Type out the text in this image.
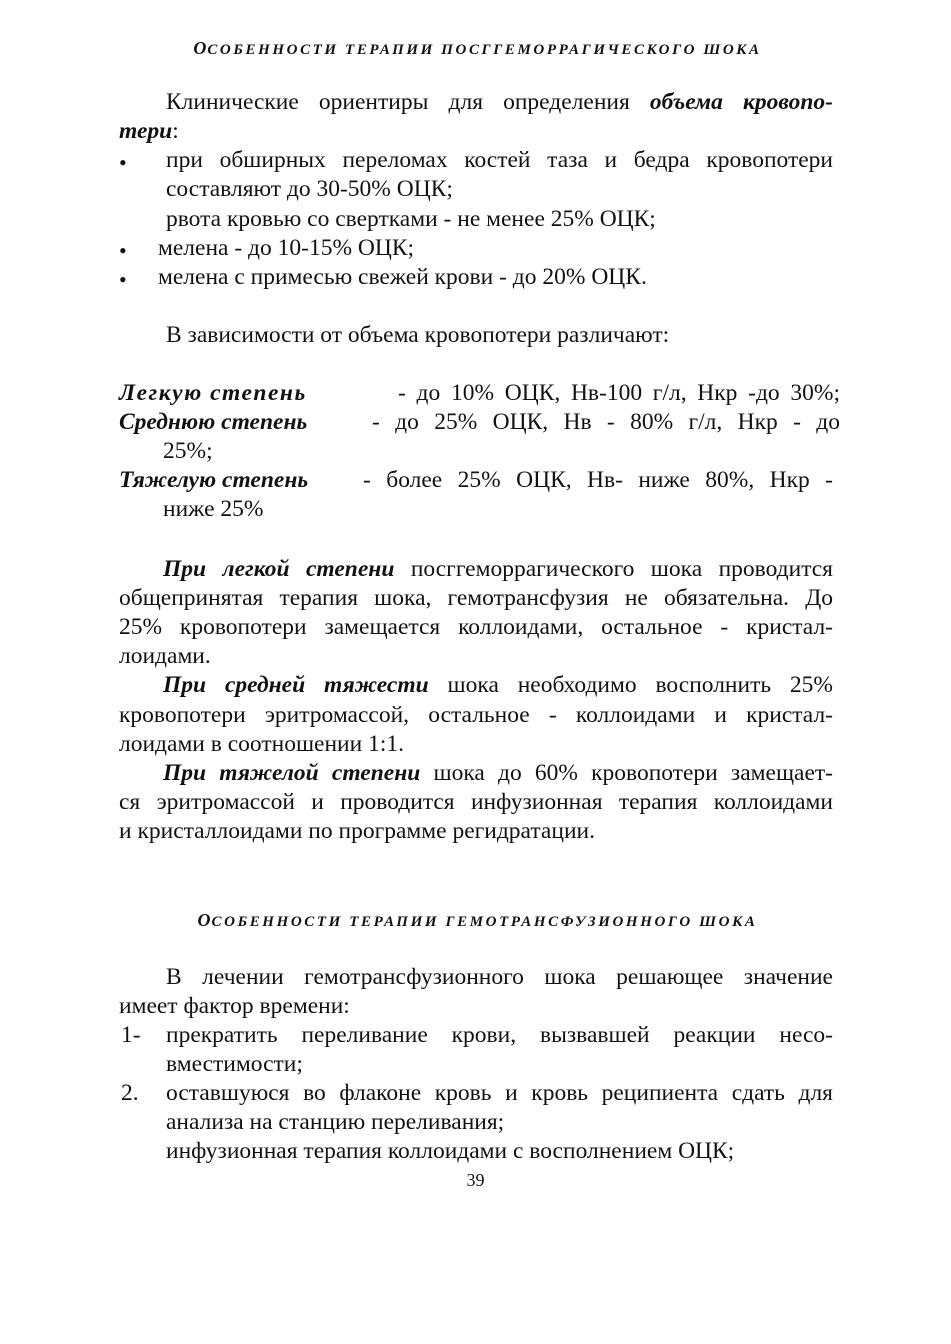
ОСОБЕННОСТИ ТЕРАПИИ ПОСГГЕМОРРАГИЧЕСКОГО ШОКА
Клинические ориентиры для определения объема кровопо-
тери:
• при обширных переломах костей таза и бедра кровопотери
составляют до 30-50% ОЦК;
рвота кровью со свертками - не менее 25% ОЦК;
• мелена - до 10-15% ОЦК;
• мелена с примесью свежей крови - до 20% ОЦК.
В зависимости от объема кровопотери различают:
Легкую степень	- до 10% ОЦК, Нв-100 г/л, Нкр -до 30%;
Среднюю степень	- до 25% ОЦК, Нв - 80% г/л, Нкр - до
25%;
Тяжелую степень - более 25% ОЦК, Нв- ниже 80%, Нкр -
ниже 25%
При легкой степени посггеморрагического шока проводится
общепринятая терапия шока, гемотрансфузия не обязательна. До
25% кровопотери замещается коллоидами, остальное - кристал-
лоидами.
При средней тяжести шока необходимо восполнить 25%
кровопотери эритромассой, остальное - коллоидами и кристал-
лоидами в соотношении 1:1.
При тяжелой степени шока до 60% кровопотери замещает-
ся эритромассой и проводится инфузионная терапия коллоидами
и кристаллоидами по программе регидратации.
ОСОБЕННОСТИ ТЕРАПИИ ГЕМОТРАНСФУЗИОННОГО ШОКА
В лечении гемотрансфузионного шока решающее значение
имеет фактор времени:
1- прекратить переливание крови, вызвавшей реакции несо-
вместимости;
2. оставшуюся во флаконе кровь и кровь реципиента сдать для
анализа на станцию переливания;
инфузионная терапия коллоидами с восполнением ОЦК;
39
